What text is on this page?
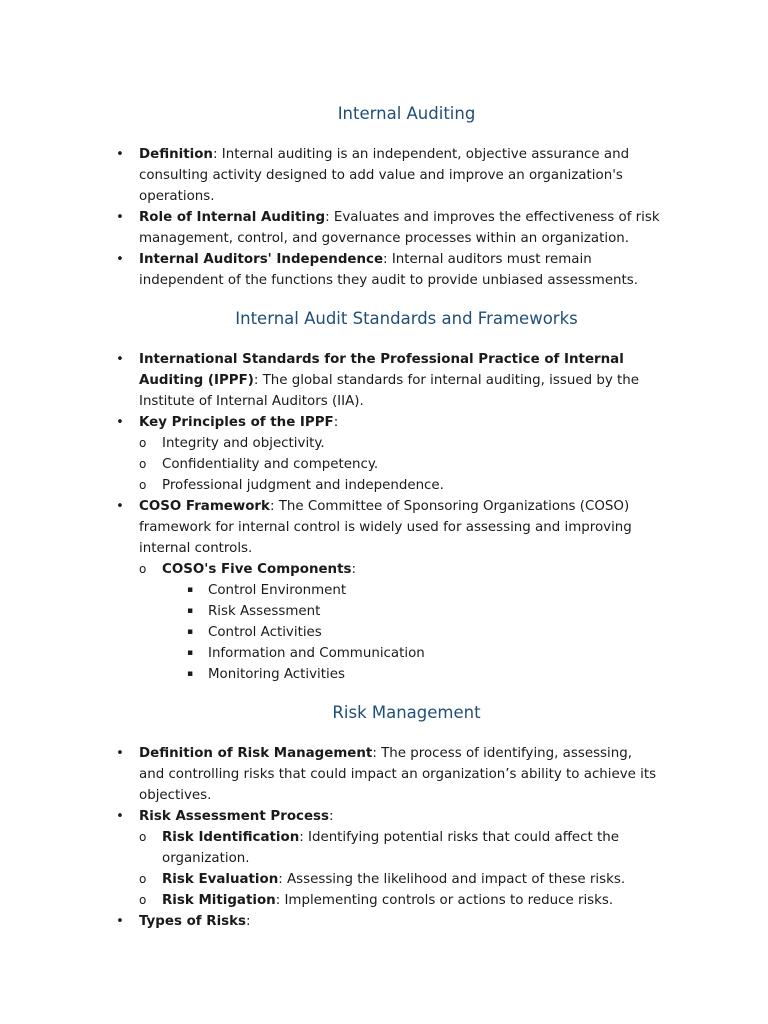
Internal Auditing
• Definition: Internal auditing is an independent, objective assurance and consulting activity designed to add value and improve an organization's operations.
• Role of Internal Auditing: Evaluates and improves the effectiveness of risk management, control, and governance processes within an organization.
• Internal Auditors' Independence: Internal auditors must remain independent of the functions they audit to provide unbiased assessments.
Internal Audit Standards and Frameworks
• International Standards for the Professional Practice of Internal Auditing (IPPF): The global standards for internal auditing, issued by the Institute of Internal Auditors (IIA).
• Key Principles of the IPPF:
o Integrity and objectivity.
o Confidentiality and competency.
o Professional judgment and independence.
• COSO Framework: The Committee of Sponsoring Organizations (COSO) framework for internal control is widely used for assessing and improving internal controls.
o COSO's Five Components:
▪ Control Environment
▪ Risk Assessment
▪ Control Activities
▪ Information and Communication
▪ Monitoring Activities
Risk Management
• Definition of Risk Management: The process of identifying, assessing, and controlling risks that could impact an organization’s ability to achieve its objectives.
• Risk Assessment Process:
o Risk Identification: Identifying potential risks that could affect the organization.
o Risk Evaluation: Assessing the likelihood and impact of these risks.
o Risk Mitigation: Implementing controls or actions to reduce risks.
• Types of Risks:
